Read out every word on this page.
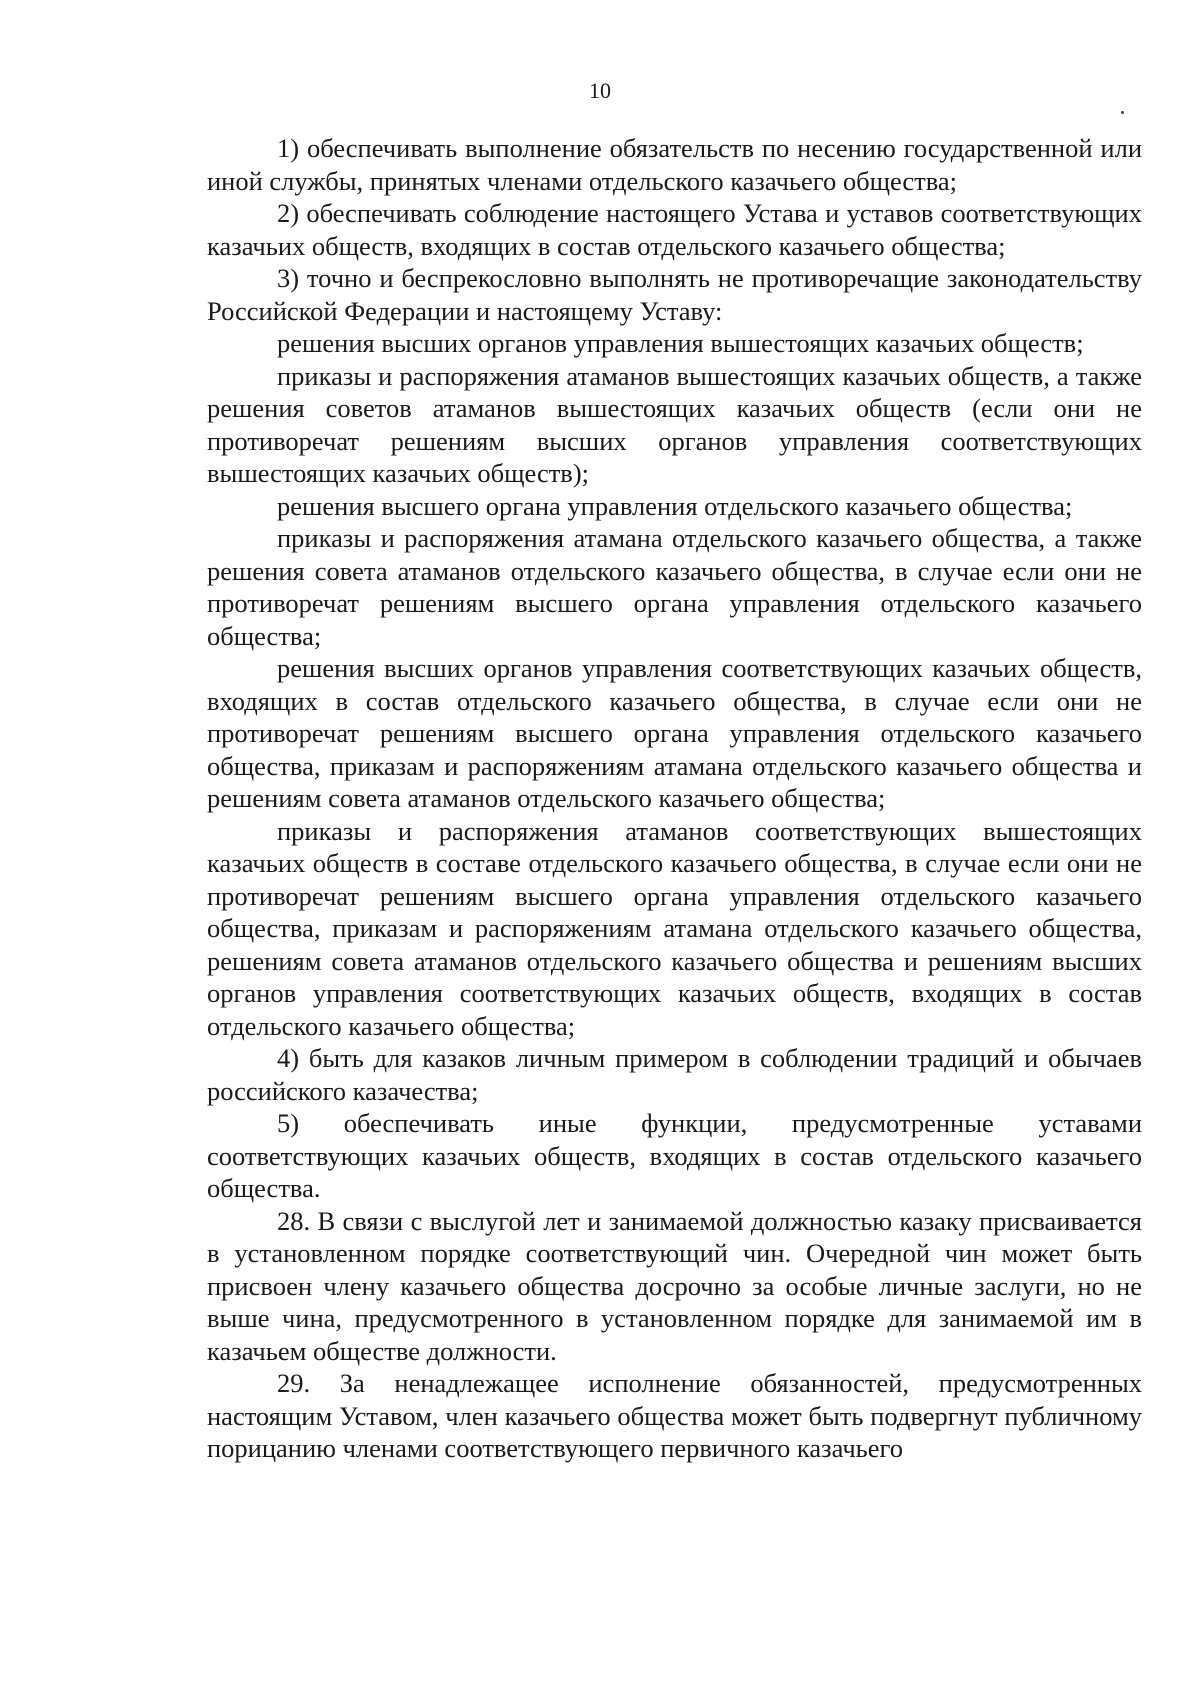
10

1) обеспечивать выполнение обязательств по несению государственной или иной службы, принятых членами отдельского казачьего общества;

2) обеспечивать соблюдение настоящего Устава и уставов соответствующих казачьих обществ, входящих в состав отдельского казачьего общества;

3) точно и беспрекословно выполнять не противоречащие законодательству Российской Федерации и настоящему Уставу:

решения высших органов управления вышестоящих казачьих обществ;

приказы и распоряжения атаманов вышестоящих казачьих обществ, а также решения советов атаманов вышестоящих казачьих обществ (если они не противоречат решениям высших органов управления соответствующих вышестоящих казачьих обществ);

решения высшего органа управления отдельского казачьего общества;

приказы и распоряжения атамана отдельского казачьего общества, а также решения совета атаманов отдельского казачьего общества, в случае если они не противоречат решениям высшего органа управления отдельского казачьего общества;

решения высших органов управления соответствующих казачьих обществ, входящих в состав отдельского казачьего общества, в случае если они не противоречат решениям высшего органа управления отдельского казачьего общества, приказам и распоряжениям атамана отдельского казачьего общества и решениям совета атаманов отдельского казачьего общества;

приказы и распоряжения атаманов соответствующих вышестоящих казачьих обществ в составе отдельского казачьего общества, в случае если они не противоречат решениям высшего органа управления отдельского казачьего общества, приказам и распоряжениям атамана отдельского казачьего общества, решениям совета атаманов отдельского казачьего общества и решениям высших органов управления соответствующих казачьих обществ, входящих в состав отдельского казачьего общества;

4) быть для казаков личным примером в соблюдении традиций и обычаев российского казачества;

5) обеспечивать иные функции, предусмотренные уставами соответствующих казачьих обществ, входящих в состав отдельского казачьего общества.

28. В связи с выслугой лет и занимаемой должностью казаку присваивается в установленном порядке соответствующий чин. Очередной чин может быть присвоен члену казачьего общества досрочно за особые личные заслуги, но не выше чина, предусмотренного в установленном порядке для занимаемой им в казачьем обществе должности.

29. За ненадлежащее исполнение обязанностей, предусмотренных настоящим Уставом, член казачьего общества может быть подвергнут публичному порицанию членами соответствующего первичного казачьего
